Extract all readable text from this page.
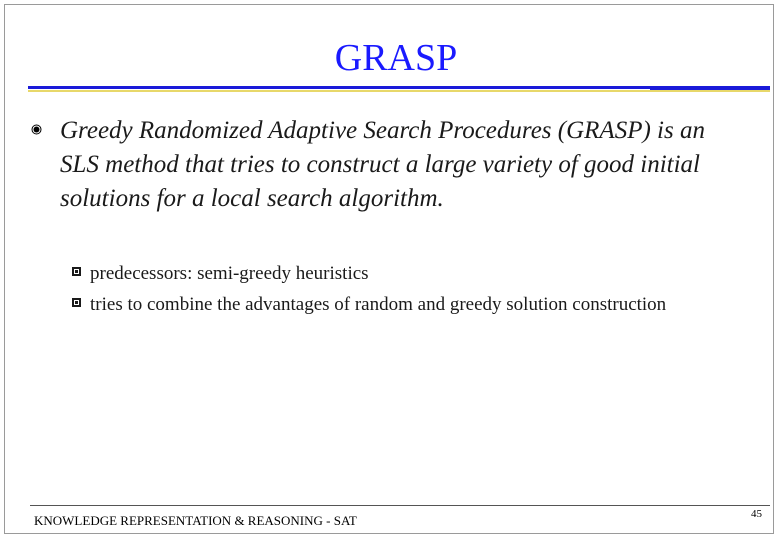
GRASP
Greedy Randomized Adaptive Search Procedures (GRASP) is an SLS method that tries to construct a large variety of good initial solutions for a local search algorithm.
predecessors: semi-greedy heuristics
tries to combine the advantages of random and greedy solution construction
KNOWLEDGE REPRESENTATION & REASONING - SAT	45
